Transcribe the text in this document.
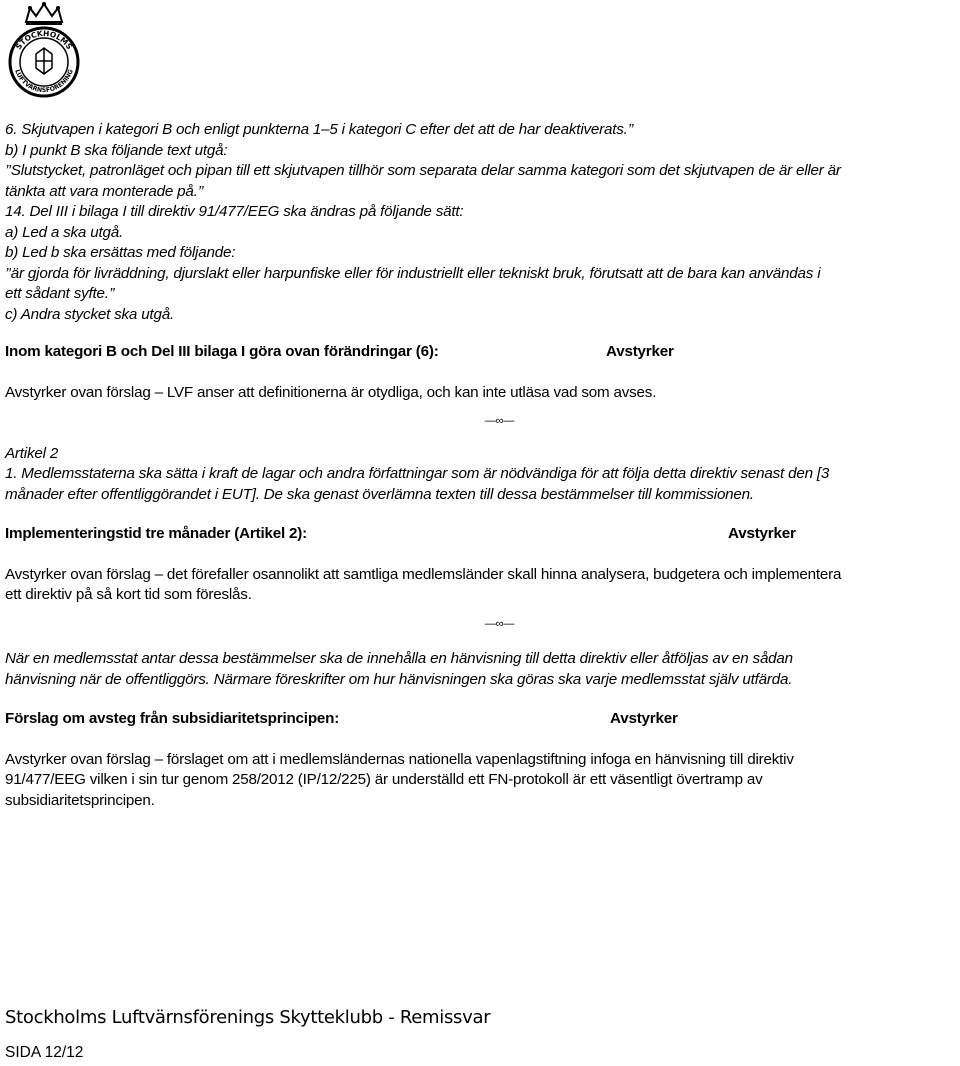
STOCKHOLMS
LUFTVÄRNSFÖRENING

6. Skjutvapen i kategori B och enligt punkterna 1–5 i kategori C efter det att de har deaktiverats.’’

b) I punkt B ska följande text utgå:

’’Slutstycket, patronläget och pipan till ett skjutvapen tillhör som separata delar samma kategori som det skjutvapen de är eller är

tänkta att vara monterade på.’’

14. Del III i bilaga I till direktiv 91/477/EEG ska ändras på följande sätt:

a) Led a ska utgå.

b) Led b ska ersättas med följande:

’’är gjorda för livräddning, djurslakt eller harpunfiske eller för industriellt eller tekniskt bruk, förutsatt att de bara kan användas i

ett sådant syfte.’’

c) Andra stycket ska utgå.

Inom kategori B och Del III bilaga I göra ovan förändringar (6):	Avstyrker

Avstyrker ovan förslag – LVF anser att definitionerna är otydliga, och kan inte utläsa vad som avses.

—∞—

Artikel 2

1. Medlemsstaterna ska sätta i kraft de lagar och andra författningar som är nödvändiga för att följa detta direktiv senast den [3

månader efter offentliggörandet i EUT]. De ska genast överlämna texten till dessa bestämmelser till kommissionen.

Implementeringstid tre månader (Artikel 2):	Avstyrker

Avstyrker ovan förslag – det förefaller osannolikt att samtliga medlemsländer skall hinna analysera, budgetera och implementera

ett direktiv på så kort tid som föreslås.

—∞—

När en medlemsstat antar dessa bestämmelser ska de innehålla en hänvisning till detta direktiv eller åtföljas av en sådan

hänvisning när de offentliggörs. Närmare föreskrifter om hur hänvisningen ska göras ska varje medlemsstat själv utfärda.

Förslag om avsteg från subsidiaritetsprincipen:	Avstyrker

Avstyrker ovan förslag – förslaget om att i medlemsländernas nationella vapenlagstiftning infoga en hänvisning till direktiv

91/477/EEG vilken i sin tur genom 258/2012 (IP/12/225) är underställd ett FN-protokoll är ett väsentligt övertramp av

subsidiaritetsprincipen.

Stockholms Luftvärnsförenings Skytteklubb - Remissvar
SIDA 12/12
